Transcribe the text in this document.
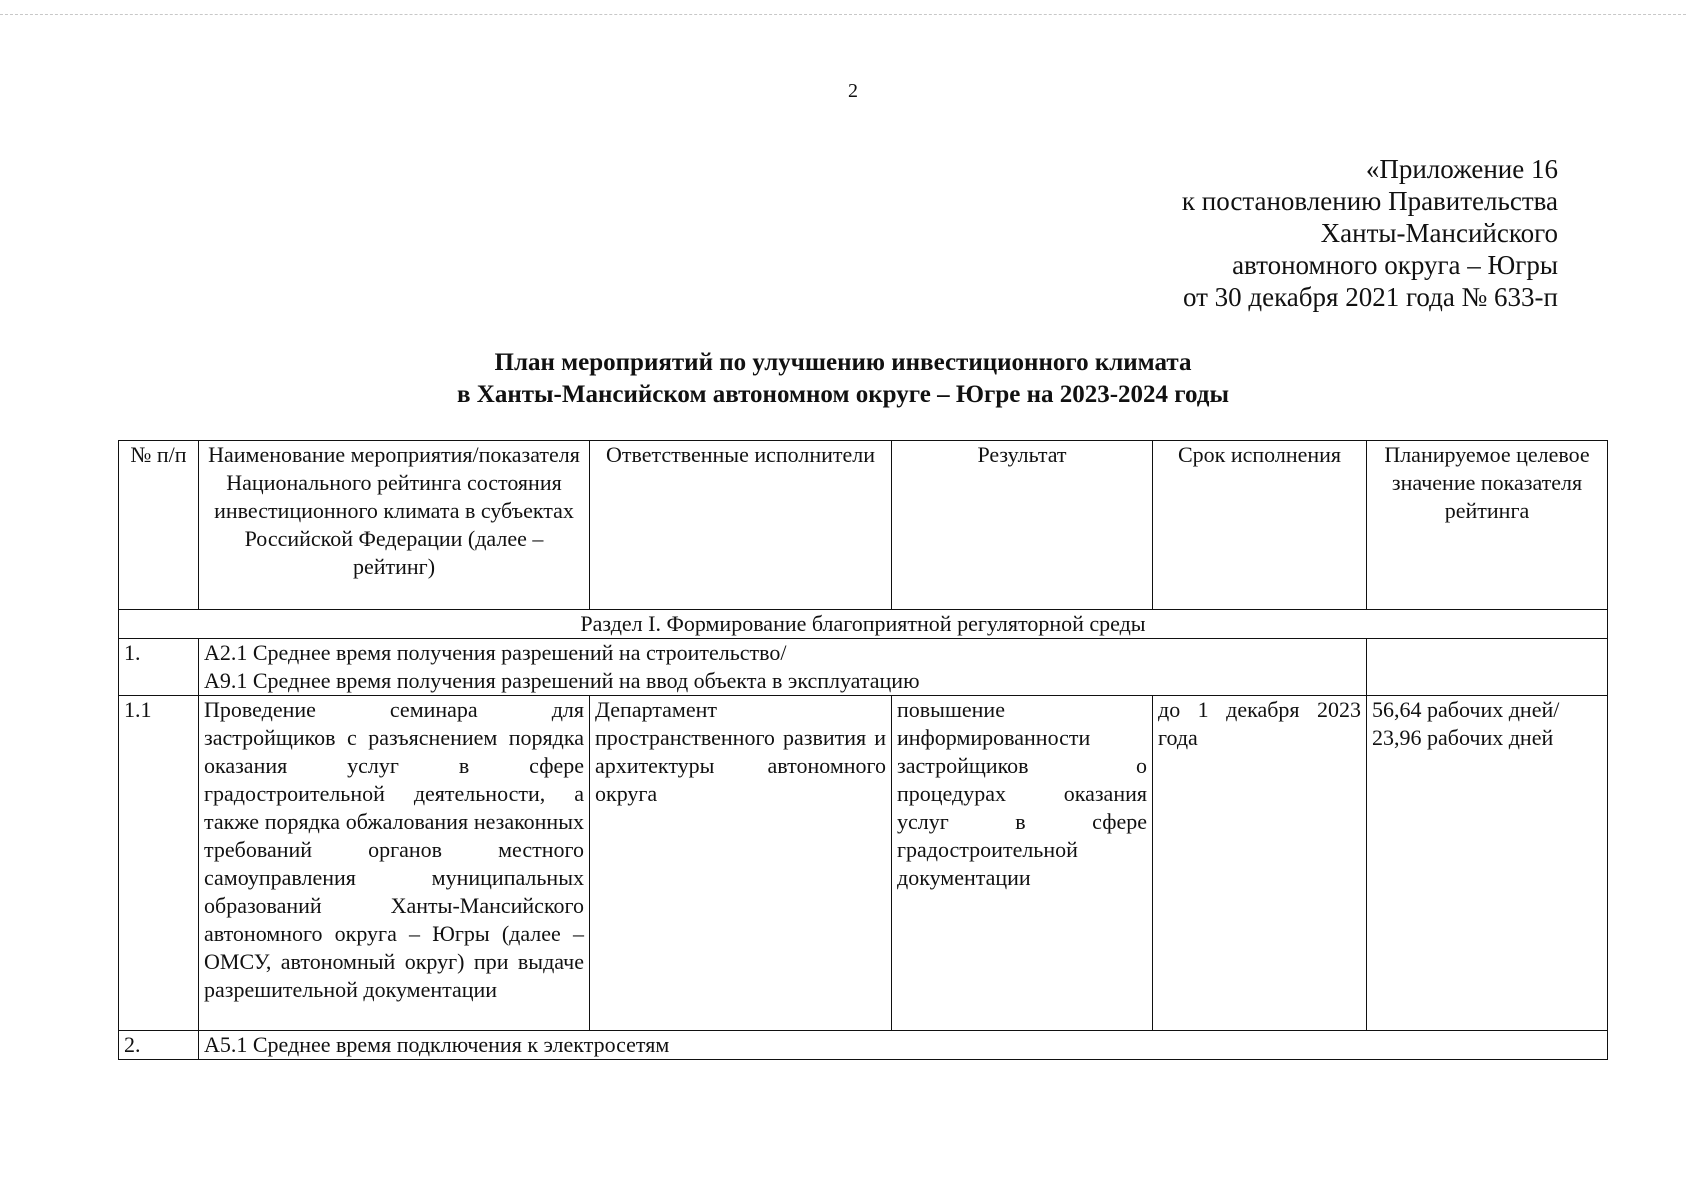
2
«Приложение 16
к постановлению Правительства
Ханты-Мансийского
автономного округа – Югры
от 30 декабря 2021 года № 633-п
План мероприятий по улучшению инвестиционного климата
в Ханты-Мансийском автономном округе – Югре на 2023-2024 годы
№ п/п	Наименование мероприятия/показателя Национального рейтинга состояния инвестиционного климата в субъектах Российской Федерации (далее – рейтинг)	Ответственные исполнители	Результат	Срок исполнения	Планируемое целевое значение показателя рейтинга
Раздел I. Формирование благоприятной регуляторной среды					
1.	А2.1 Среднее время получения разрешений на строительство/
А9.1 Среднее время получения разрешений на ввод объекта в эксплуатацию				

1.1	Проведение семинара для застройщиков с разъяснением порядка оказания услуг в сфере градостроительной деятельности, а также порядка обжалования незаконных требований органов местного самоуправления муниципальных образований Ханты-Мансийского автономного округа – Югры (далее – ОМСУ, автономный округ) при выдаче разрешительной документации	Департамент пространственного развития и архитектуры автономного округа	повышение информированности застройщиков о процедурах оказания услуг в сфере градостроительной документации	до 1 декабря 2023 года	56,64 рабочих дней/ 23,96 рабочих дней
2.	А5.1 Среднее время подключения к электросетям				
